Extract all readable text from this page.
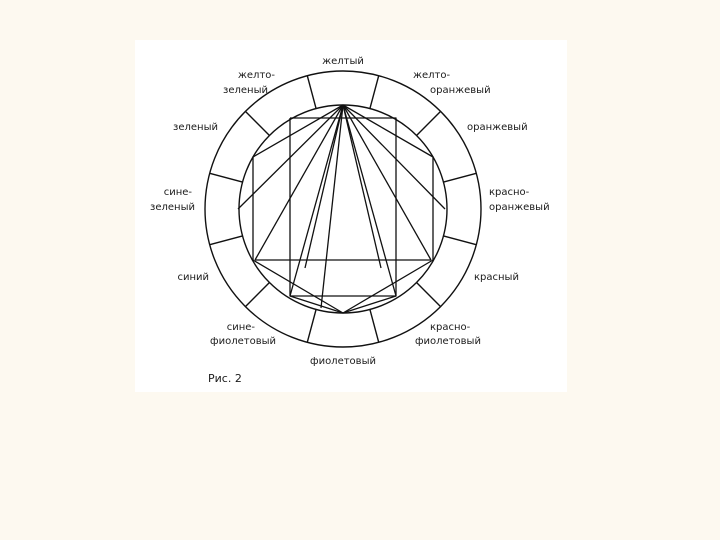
желтый
желто-
зеленый
желто-
оранжевый
зеленый	оранжевый
сине-
зеленый
красно-
оранжевый
синий	красный
сине-
фиолетовый
красно-
фиолетовый
фиолетовый
Рис. 2
